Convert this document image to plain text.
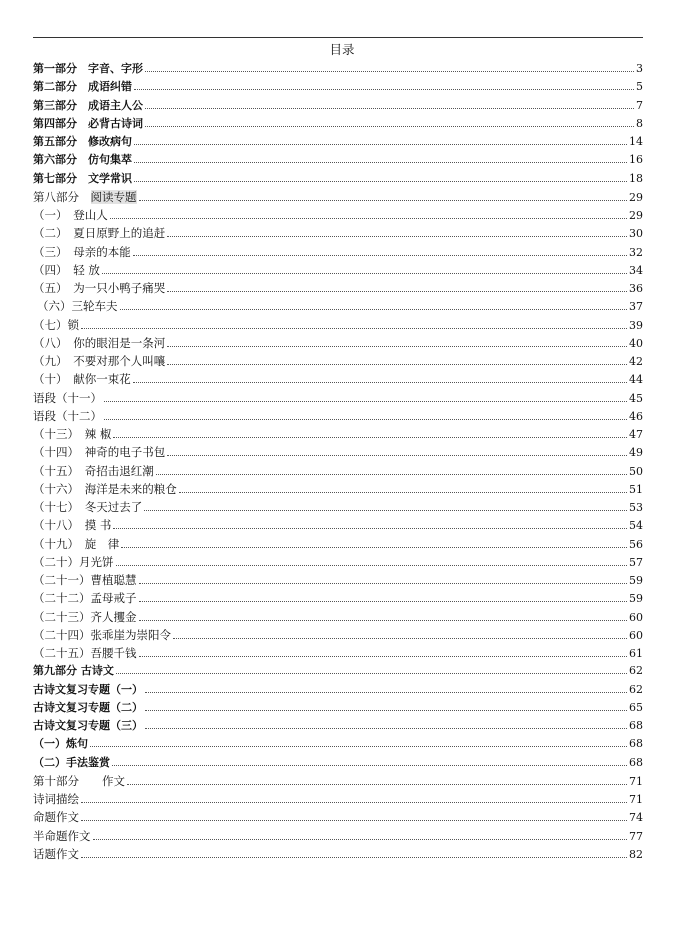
目录
第一部分　字音、字形	3
第二部分　成语纠错	5
第三部分　成语主人公	7
第四部分　必背古诗词	8
第五部分　修改病句	14
第六部分　仿句集萃	16
第七部分　文学常识	18
第八部分　阅读专题	29
（一）　登山人	29
（二）　夏日原野上的追赶	30
（三）　母亲的本能	32
（四）　轻 放	34
（五）　为一只小鸭子痛哭	36
（六）三轮车夫	37
（七）锁	39
（八）　你的眼泪是一条河	40
（九）　不要对那个人叫嚷	42
（十）　献你一束花	44
语段（十一）	45
语段（十二）	46
（十三）　辣 椒	47
（十四）　神奇的电子书包	49
（十五）　奇招击退红潮	50
（十六）　海洋是未来的粮仓	51
（十七）　冬天过去了	53
（十八）　摸 书	54
（十九）　旋　律	56
（二十）月光饼	57
（二十一）曹植聪慧	59
（二十二）孟母戒子	59
（二十三）齐人攫金	60
（二十四）张乖崖为崇阳令	60
（二十五）吾腰千钱	61
第九部分 古诗文	62
古诗文复习专题（一）	62
古诗文复习专题（二）	65
古诗文复习专题（三）	68
（一）炼句	68
（二）手法鉴赏	68
第十部分　　作文	71
诗词描绘	71
命题作文	74
半命题作文	77
话题作文	82
